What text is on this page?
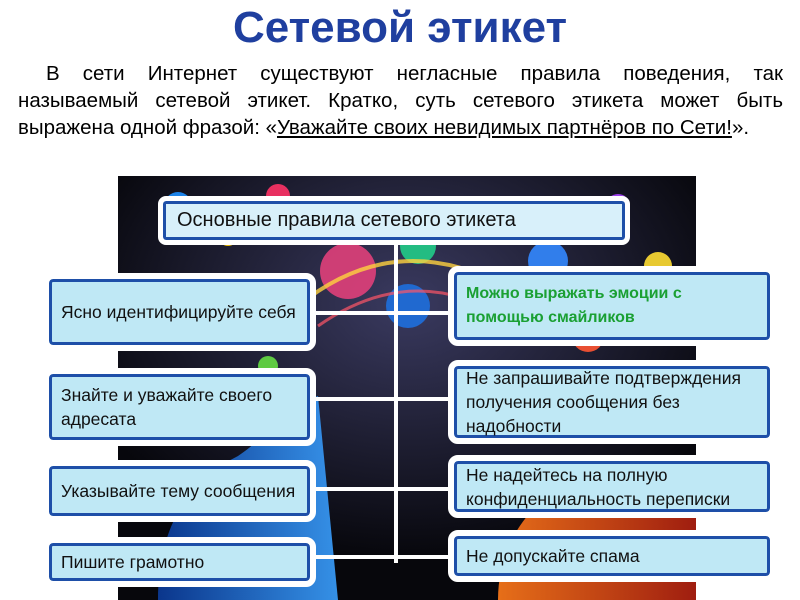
Сетевой этикет
В сети Интернет существуют негласные правила поведения, так называемый сетевой этикет. Кратко, суть сетевого этикета может быть выражена одной фразой: «Уважайте своих невидимых партнёров по Сети!».
Основные правила сетевого этикета
Ясно идентифицируйте себя
Знайте и уважайте своего адресата
Указывайте тему сообщения
Пишите грамотно
Можно выражать эмоции с помощью смайликов
Не запрашивайте подтверждения получения сообщения без надобности
Не надейтесь на полную конфиденциальность переписки
Не допускайте спама
